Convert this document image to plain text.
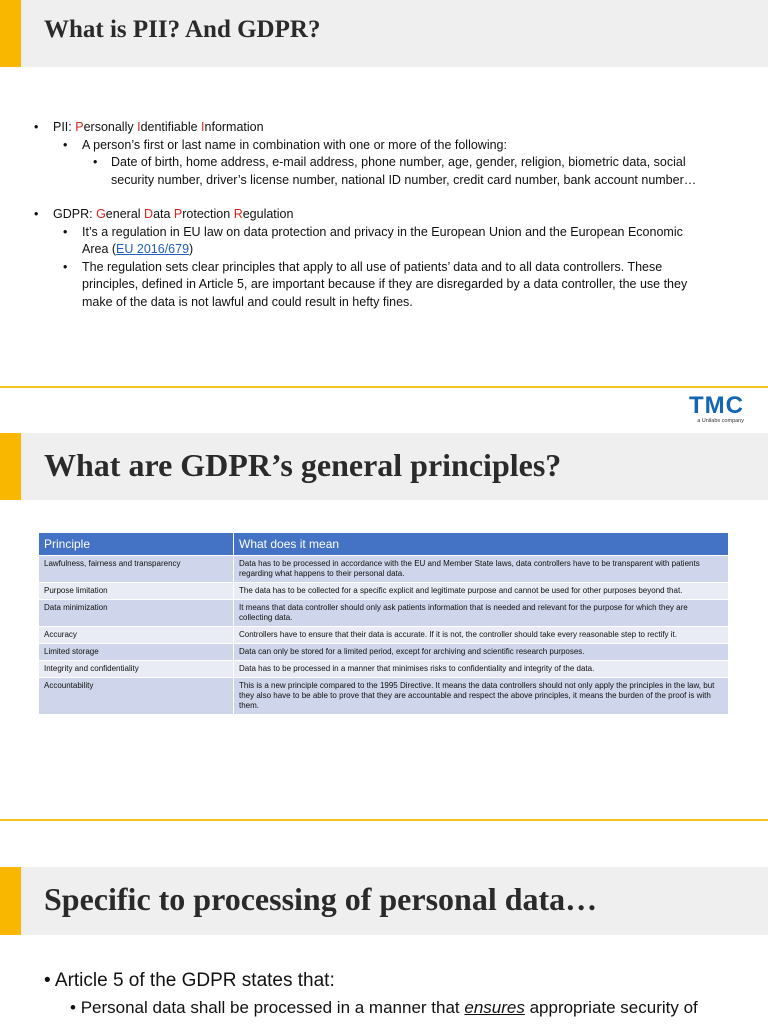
What is PII? And GDPR?
• PII: Personally Identifiable Information
• A person’s first or last name in combination with one or more of the following:
• Date of birth, home address, e-mail address, phone number, age, gender, religion, biometric data, social
security number, driver’s license number, national ID number, credit card number, bank account number…
• GDPR: General Data Protection Regulation
• It’s a regulation in EU law on data protection and privacy in the European Union and the European Economic
Area (EU 2016/679)
• The regulation sets clear principles that apply to all use of patients’ data and to all data controllers. These
principles, defined in Article 5, are important because if they are disregarded by a data controller, the use they
make of the data is not lawful and could result in hefty fines.
TMC
a Unilabs company
What are GDPR’s general principles?
Principle	What does it mean
Lawfulness, fairness and transparency	Data has to be processed in accordance with the EU and Member State laws, data controllers have to be transparent with patients regarding what happens to their personal data.
Purpose limitation	The data has to be collected for a specific explicit and legitimate purpose and cannot be used for other purposes beyond that.
Data minimization	It means that data controller should only ask patients information that is needed and relevant for the purpose for which they are collecting data.
Accuracy	Controllers have to ensure that their data is accurate. If it is not, the controller should take every reasonable step to rectify it.
Limited storage	Data can only be stored for a limited period, except for archiving and scientific research purposes.
Integrity and confidentiality	Data has to be processed in a manner that minimises risks to confidentiality and integrity of the data.
Accountability	This is a new principle compared to the 1995 Directive. It means the data controllers should not only apply the principles in the law, but they also have to be able to prove that they are accountable and respect the above principles, it means the burden of the proof is with them.
Specific to processing of personal data…
• Article 5 of the GDPR states that:
• Personal data shall be processed in a manner that ensures appropriate security of
